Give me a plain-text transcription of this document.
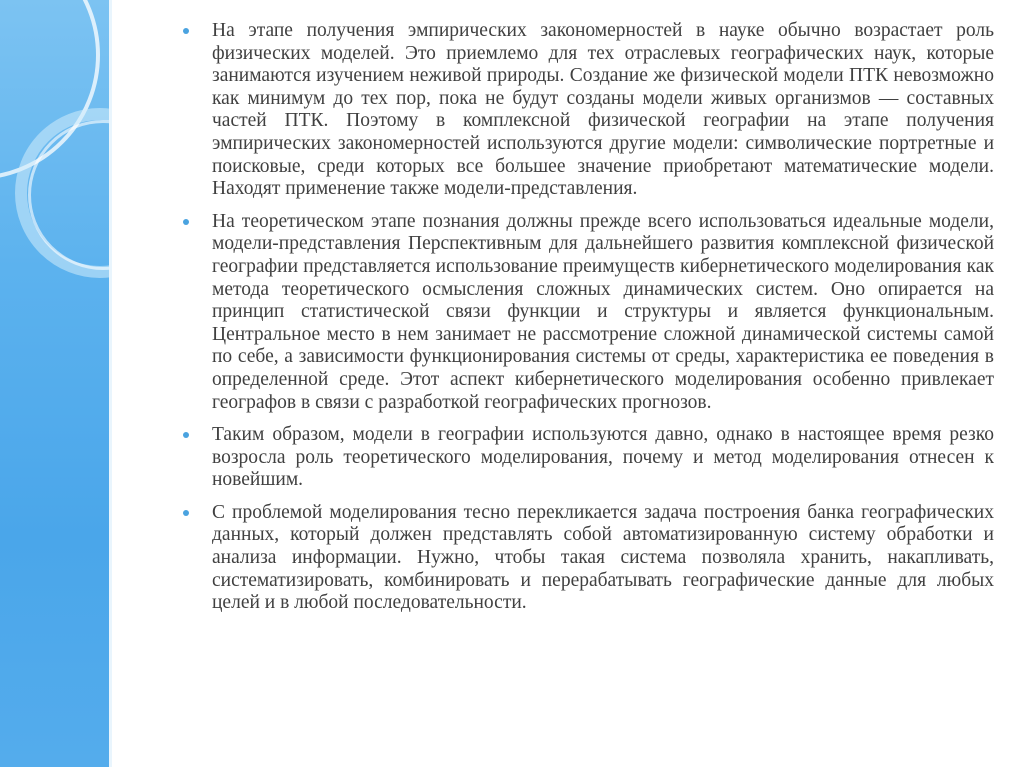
На этапе получения эмпирических закономерностей в науке обычно возрастает роль физических моделей. Это приемлемо для тех отраслевых географических наук, которые занимаются изучением неживой природы. Создание же физической модели ПТК невозможно как минимум до тех пор, пока не будут созданы модели живых организмов — составных частей ПТК. Поэтому в комплексной физической географии на этапе получения эмпирических закономерностей используются другие модели: символические портретные и поисковые, среди которых все большее значение приобретают математические модели. Находят применение также модели-представления.
На теоретическом этапе познания должны прежде всего использоваться идеальные модели, модели-представления Перспективным для дальнейшего развития комплексной физической географии представляется использование преимуществ кибернетического моделирования как метода теоретического осмысления сложных динамических систем. Оно опирается на принцип статистической связи функции и структуры и является функциональным. Центральное место в нем занимает не рассмотрение сложной динамической системы самой по себе, а зависимости функционирования системы от среды, характеристика ее поведения в определенной среде. Этот аспект кибернетического моделирования особенно привлекает географов в связи с разработкой географических прогнозов.
Таким образом, модели в географии используются давно, однако в настоящее время резко возросла роль теоретического моделирования, почему и метод моделирования отнесен к новейшим.
С проблемой моделирования тесно перекликается задача построения банка географических данных, который должен представлять собой автоматизированную систему обработки и анализа информации. Нужно, чтобы такая система позволяла хранить, накапливать, систематизировать, комбинировать и перерабатывать географические данные для любых целей и в любой последовательности.
